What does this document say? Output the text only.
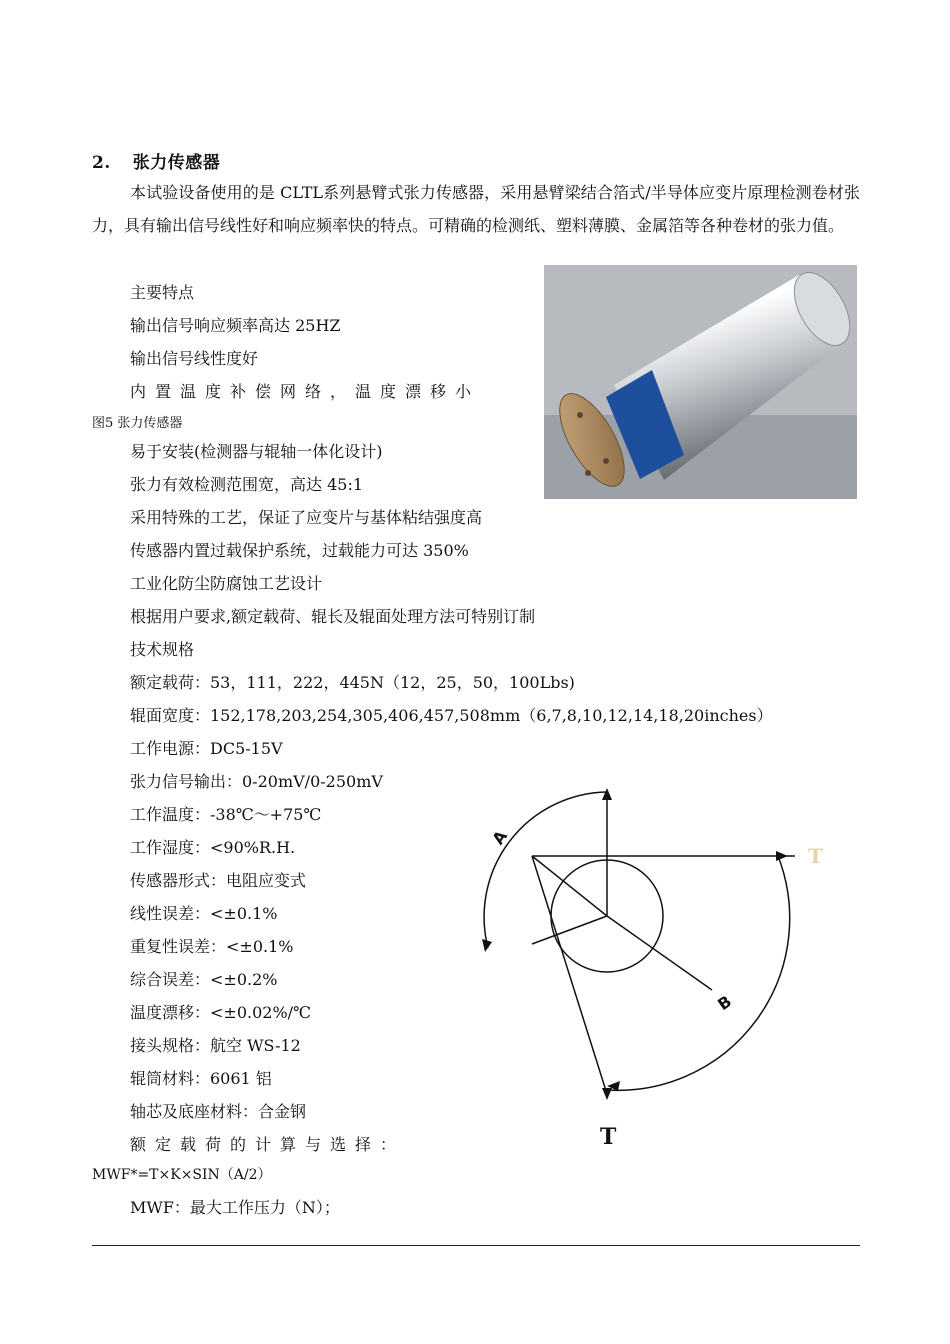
2. 张力传感器
本试验设备使用的是 CLTL系列悬臂式张力传感器，采用悬臂梁结合箔式/半导体应变片原理检测卷材张力，具有输出信号线性好和响应频率快的特点。可精确的检测纸、塑料薄膜、金属箔等各种卷材的张力值。
主要特点
输出信号响应频率高达 25HZ
输出信号线性度好
内置温度补偿网络，温度漂移小
图5 张力传感器
易于安装(检测器与辊轴一体化设计)
张力有效检测范围宽，高达 45:1
采用特殊的工艺，保证了应变片与基体粘结强度高
传感器内置过载保护系统，过载能力可达 350%
工业化防尘防腐蚀工艺设计
根据用户要求,额定载荷、辊长及辊面处理方法可特别订制
技术规格
额定载荷：53，111，222，445N（12，25，50，100Lbs)
辊面宽度：152,178,203,254,305,406,457,508mm（6,7,8,10,12,14,18,20inches）
工作电源：DC5-15V
张力信号输出：0-20mV/0-250mV
工作温度：-38℃～+75℃
工作湿度：<90%R.H.
传感器形式：电阻应变式
线性误差：<±0.1%
重复性误差：<±0.1%
综合误差：<±0.2%
温度漂移：<±0.02%/℃
接头规格：航空 WS-12
辊筒材料：6061 铝
轴芯及底座材料：合金钢
额定载荷的计算与选择：
MWF*=T×K×SIN（A/2）
MWF：最大工作压力（N）；
A
B
T
T
